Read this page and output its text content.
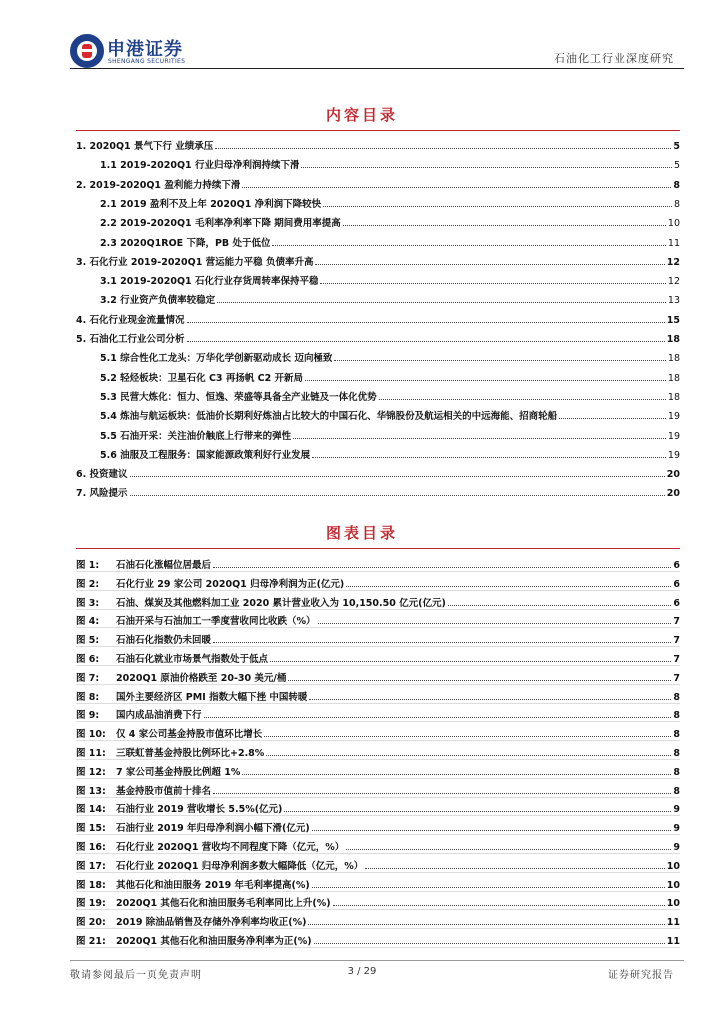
申港证券
SHENGANG SECURITIES	石油化工行业深度研究
内容目录
1. 2020Q1 景气下行 业绩承压	5
1.1 2019-2020Q1 行业归母净利润持续下滑	5
2. 2019-2020Q1 盈利能力持续下滑	8
2.1 2019 盈利不及上年 2020Q1 净利润下降较快	8
2.2 2019-2020Q1 毛利率净利率下降 期间费用率提高	10
2.3 2020Q1ROE 下降，PB 处于低位	11
3. 石化行业 2019-2020Q1 营运能力平稳 负债率升高	12
3.1 2019-2020Q1 石化行业存货周转率保持平稳	12
3.2 行业资产负债率较稳定	13
4. 石化行业现金流量情况	15
5. 石油化工行业公司分析	18
5.1 综合性化工龙头：万华化学创新驱动成长 迈向極致	18
5.2 轻烃板块：卫星石化 C3 再扬帆 C2 开新局	18
5.3 民营大炼化：恒力、恒逸、荣盛等具备全产业链及一体化优势	18
5.4 炼油与航运板块：低油价长期利好炼油占比较大的中国石化、华锦股份及航运相关的中远海能、招商轮船	19
5.5 石油开采：关注油价触底上行带来的弹性	19
5.6 油服及工程服务：国家能源政策利好行业发展	19
6. 投资建议	20
7. 风险提示	20
图表目录
图 1:	石油石化涨幅位居最后	6
图 2:	石化行业 29 家公司 2020Q1 归母净利润为正(亿元)	6
图 3:	石油、煤炭及其他燃料加工业 2020 累计营业收入为 10,150.50 亿元(亿元)	6
图 4:	石油开采与石油加工一季度营收同比收跌（%）	7
图 5:	石油石化指数仍未回暖	7
图 6:	石油石化就业市场景气指数处于低点	7
图 7:	2020Q1 原油价格跌至 20-30 美元/桶	7
图 8:	国外主要经济区 PMI 指数大幅下挫 中国转暖	8
图 9:	国内成品油消费下行	8
图 10:	仅 4 家公司基金持股市值环比增长	8
图 11:	三联虹普基金持股比例环比+2.8%	8
图 12:	7 家公司基金持股比例超 1%	8
图 13:	基金持股市值前十排名	8
图 14:	石油行业 2019 营收增长 5.5%(亿元)	9
图 15:	石油行业 2019 年归母净利润小幅下滑(亿元)	9
图 16:	石化行业 2020Q1 营收均不同程度下降（亿元，%）	9
图 17:	石化行业 2020Q1 归母净利润多数大幅降低（亿元，%）	10
图 18:	其他石化和油田服务 2019 年毛利率提高(%)	10
图 19:	2020Q1 其他石化和油田服务毛利率同比上升(%)	10
图 20:	2019 除油品销售及存储外净利率均收正(%)	11
图 21:	2020Q1 其他石化和油田服务净利率为正(%)	11
敬请参阅最后一页免责声明	3 / 29	证券研究报告
